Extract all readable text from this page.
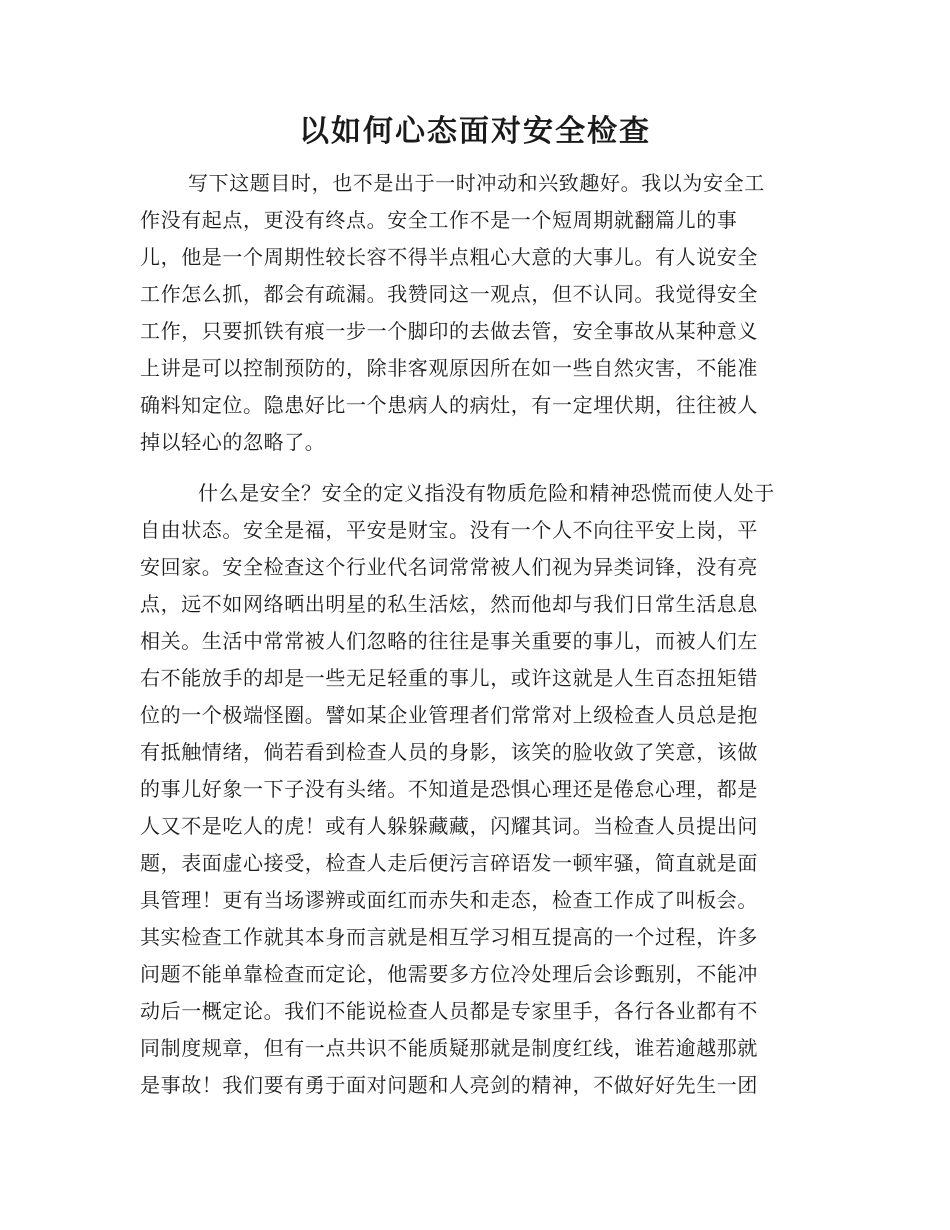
以如何心态面对安全检查
写下这题目时，也不是出于一时冲动和兴致趣好。我以为安全工
作没有起点，更没有终点。安全工作不是一个短周期就翻篇儿的事
儿，他是一个周期性较长容不得半点粗心大意的大事儿。有人说安全
工作怎么抓，都会有疏漏。我赞同这一观点，但不认同。我觉得安全
工作，只要抓铁有痕一步一个脚印的去做去管，安全事故从某种意义
上讲是可以控制预防的，除非客观原因所在如一些自然灾害，不能准
确料知定位。隐患好比一个患病人的病灶，有一定埋伏期，往往被人
掉以轻心的忽略了。
什么是安全？安全的定义指没有物质危险和精神恐慌而使人处于
自由状态。安全是福，平安是财宝。没有一个人不向往平安上岗，平
安回家。安全检查这个行业代名词常常被人们视为异类词锋，没有亮
点，远不如网络晒出明星的私生活炫，然而他却与我们日常生活息息
相关。生活中常常被人们忽略的往往是事关重要的事儿，而被人们左
右不能放手的却是一些无足轻重的事儿，或许这就是人生百态扭矩错
位的一个极端怪圈。譬如某企业管理者们常常对上级检查人员总是抱
有抵触情绪，倘若看到检查人员的身影，该笑的脸收敛了笑意，该做
的事儿好象一下子没有头绪。不知道是恐惧心理还是倦怠心理，都是
人又不是吃人的虎！或有人躲躲藏藏，闪耀其词。当检查人员提出问
题，表面虚心接受，检查人走后便污言碎语发一顿牢骚，简直就是面
具管理！更有当场谬辨或面红而赤失和走态，检查工作成了叫板会。
其实检查工作就其本身而言就是相互学习相互提高的一个过程，许多
问题不能单靠检查而定论，他需要多方位冷处理后会诊甄别，不能冲
动后一概定论。我们不能说检查人员都是专家里手，各行各业都有不
同制度规章，但有一点共识不能质疑那就是制度红线，谁若逾越那就
是事故！我们要有勇于面对问题和人亮剑的精神，不做好好先生一团
